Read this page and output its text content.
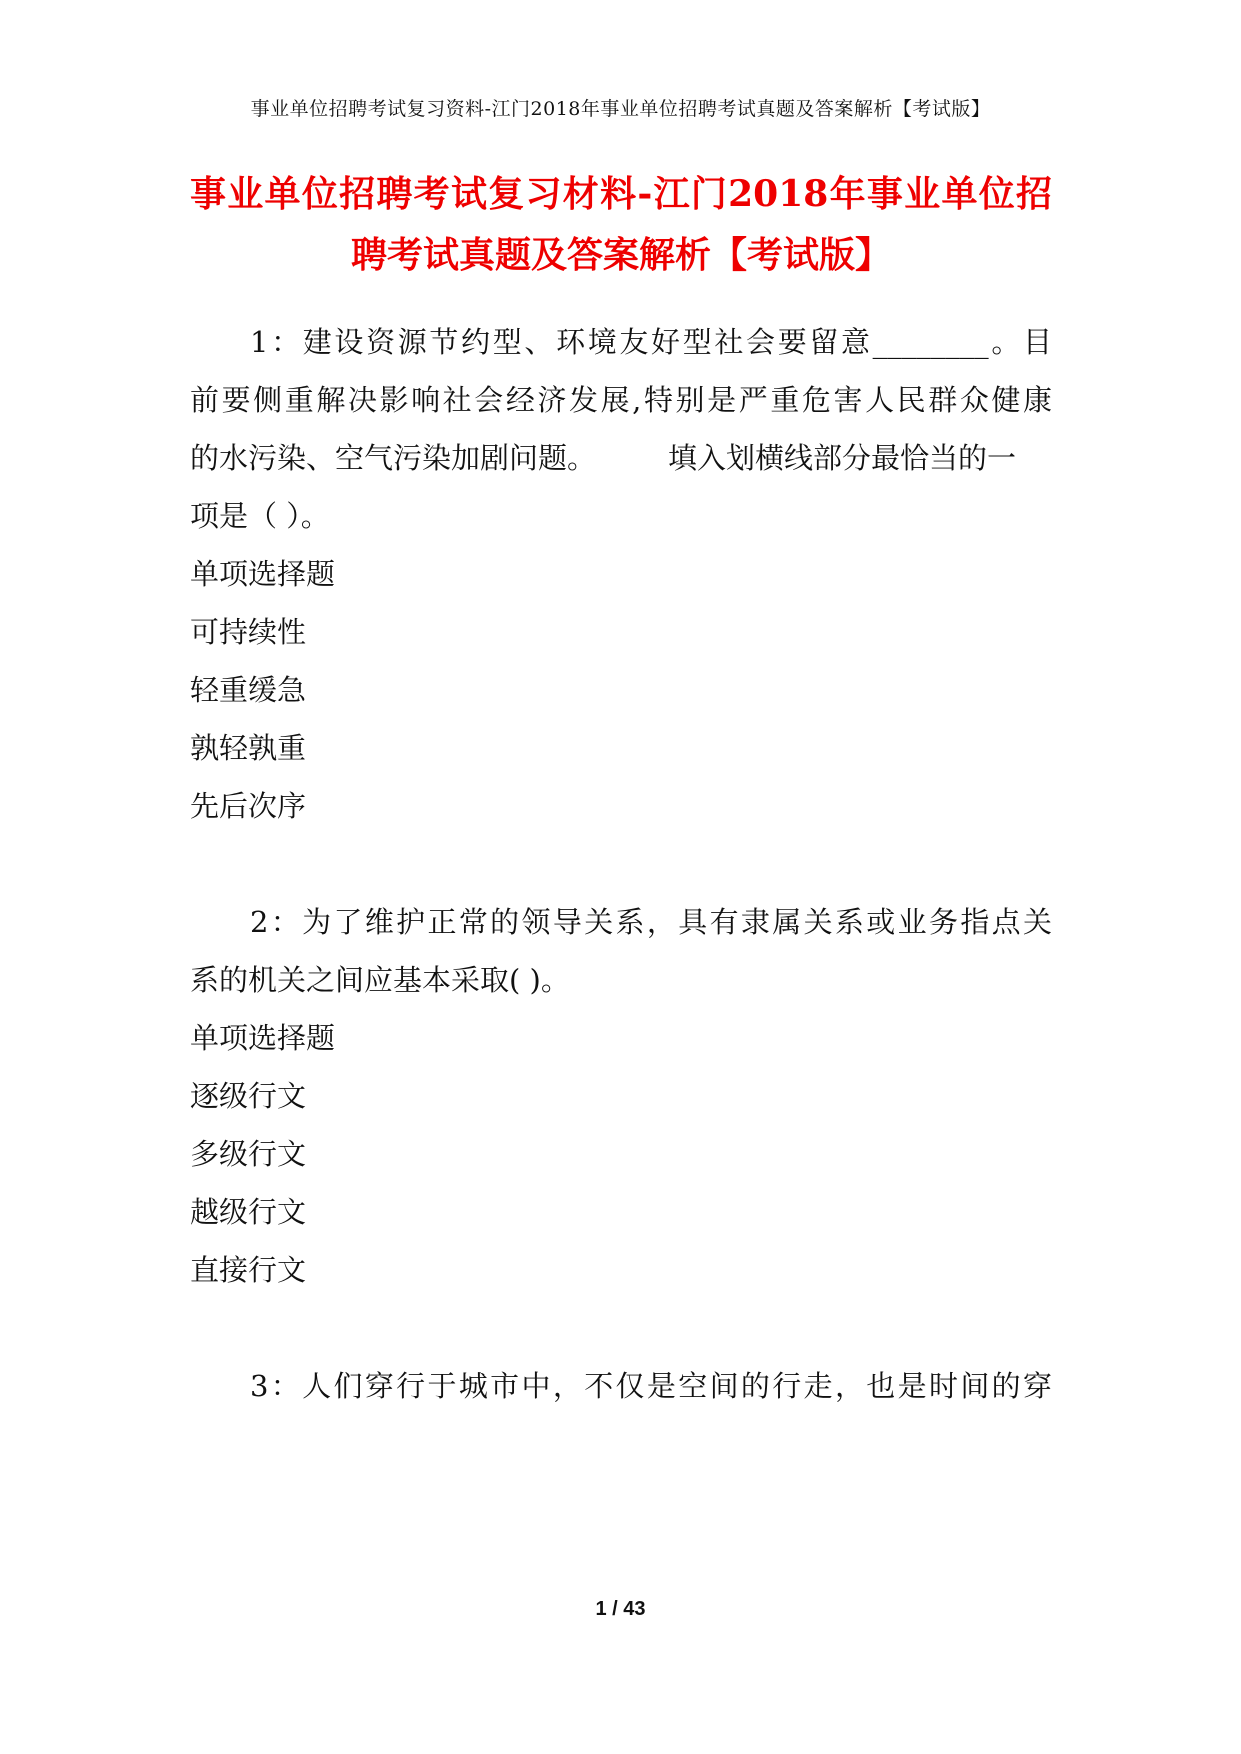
事业单位招聘考试复习资料-江门2018年事业单位招聘考试真题及答案解析【考试版】
事业单位招聘考试复习材料-江门2018年事业单位招
聘考试真题及答案解析【考试版】
1：建设资源节约型、环境友好型社会要留意________。目
前要侧重解决影响社会经济发展,特别是严重危害人民群众健康
的水污染、空气污染加剧问题。 填入划横线部分最恰当的一
项是（ ）。
单项选择题
可持续性
轻重缓急
孰轻孰重
先后次序
2：为了维护正常的领导关系，具有隶属关系或业务指点关
系的机关之间应基本采取( )。
单项选择题
逐级行文
多级行文
越级行文
直接行文
3：人们穿行于城市中，不仅是空间的行走，也是时间的穿
1 / 43
